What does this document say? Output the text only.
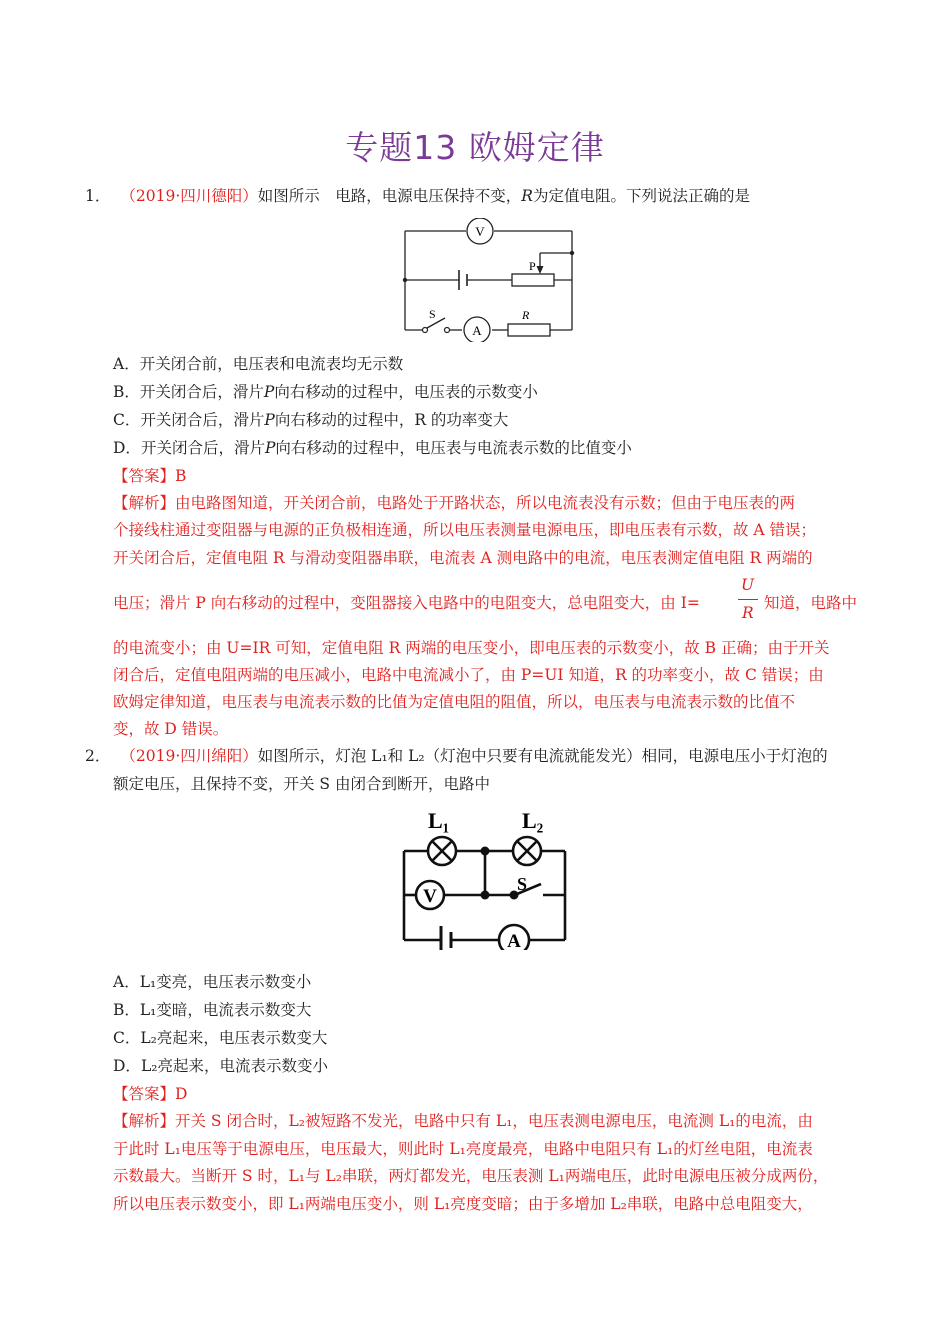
专题13 欧姆定律
1． （2019·四川德阳）如图所示　电路，电源电压保持不变，R为定值电阻。下列说法正确的是
V
A
P
S	R
A．开关闭合前，电压表和电流表均无示数
B．开关闭合后，滑片P向右移动的过程中，电压表的示数变小
C．开关闭合后，滑片P向右移动的过程中，R 的功率变大
D．开关闭合后，滑片P向右移动的过程中，电压表与电流表示数的比值变小
【答案】B
【解析】由电路图知道，开关闭合前，电路处于开路状态，所以电流表没有示数；但由于电压表的两
个接线柱通过变阻器与电源的正负极相连通，所以电压表测量电源电压，即电压表有示数，故 A 错误；
开关闭合后，定值电阻 R 与滑动变阻器串联，电流表 A 测电路中的电流，电压表测定值电阻 R 两端的
电压；滑片 P 向右移动的过程中，变阻器接入电路中的电阻变大，总电阻变大，由 I=
U
R
知道，电路中
的电流变小；由 U=IR 可知，定值电阻 R 两端的电压变小，即电压表的示数变小，故 B 正确；由于开关
闭合后，定值电阻两端的电压减小，电路中电流减小了，由 P=UI 知道，R 的功率变小，故 C 错误；由
欧姆定律知道，电压表与电流表示数的比值为定值电阻的阻值，所以，电压表与电流表示数的比值不
变，故 D 错误。
2． （2019·四川绵阳）如图所示，灯泡 L₁和 L₂（灯泡中只要有电流就能发光）相同，电源电压小于灯泡的
额定电压，且保持不变，开关 S 由闭合到断开，电路中
V
A
L₁	L₂
S
A．L₁变亮，电压表示数变小
B．L₁变暗，电流表示数变大
C．L₂亮起来，电压表示数变大
D．L₂亮起来，电流表示数变小
【答案】D
【解析】开关 S 闭合时，L₂被短路不发光，电路中只有 L₁，电压表测电源电压，电流测 L₁的电流，由
于此时 L₁电压等于电源电压，电压最大，则此时 L₁亮度最亮，电路中电阻只有 L₁的灯丝电阻，电流表
示数最大。当断开 S 时，L₁与 L₂串联，两灯都发光，电压表测 L₁两端电压，此时电源电压被分成两份，
所以电压表示数变小，即 L₁两端电压变小，则 L₁亮度变暗；由于多增加 L₂串联，电路中总电阻变大，
